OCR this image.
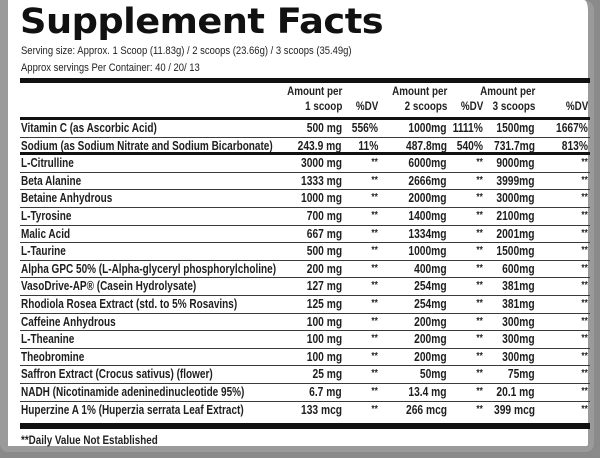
Supplement Facts
Serving size: Approx. 1 Scoop (11.83g) / 2 scoops (23.66g) / 3 scoops (35.49g)
Approx servings Per Container: 40 / 20/ 13
Amount per
1 scoop %DV
Amount per
2 scoops %DV
Amount per
3 scoops	%DV
Vitamin C (as Ascorbic Acid)	500 mg 556% 1000mg 1111% 1500mg 1667%
Sodium (as Sodium Nitrate and Sodium Bicarbonate) 243.9 mg 11% 487.8mg 540% 731.7mg 813%
L-Citrulline	3000 mg	** 6000mg	** 9000mg	**
Beta Alanine	1333 mg	** 2666mg	** 3999mg	**
Betaine Anhydrous	1000 mg	** 2000mg	** 3000mg	**
L-Tyrosine	700 mg	** 1400mg	** 2100mg	**
Malic Acid	667 mg	** 1334mg	** 2001mg	**
L-Taurine	500 mg	** 1000mg	** 1500mg	**
Alpha GPC 50% (L-Alpha-glyceryl phosphorylcholine) 200 mg	**	400mg	** 600mg	**
VasoDrive-AP® (Casein Hydrolysate)	127 mg	**	254mg	** 381mg	**
Rhodiola Rosea Extract (std. to 5% Rosavins)	125 mg	**	254mg	** 381mg	**
Caffeine Anhydrous	100 mg	**	200mg	** 300mg	**
L-Theanine	100 mg	**	200mg	** 300mg	**
Theobromine	100 mg	**	200mg	** 300mg	**
Saffron Extract (Crocus sativus) (flower)	25 mg	**	50mg	** 75mg	**
NADH (Nicotinamide adeninedinucleotide 95%)	6.7 mg	** 13.4 mg	** 20.1 mg	**
Huperzine A 1% (Huperzia serrata Leaf Extract)	133 mcg	** 266 mcg	** 399 mcg	**
**Daily Value Not Established
